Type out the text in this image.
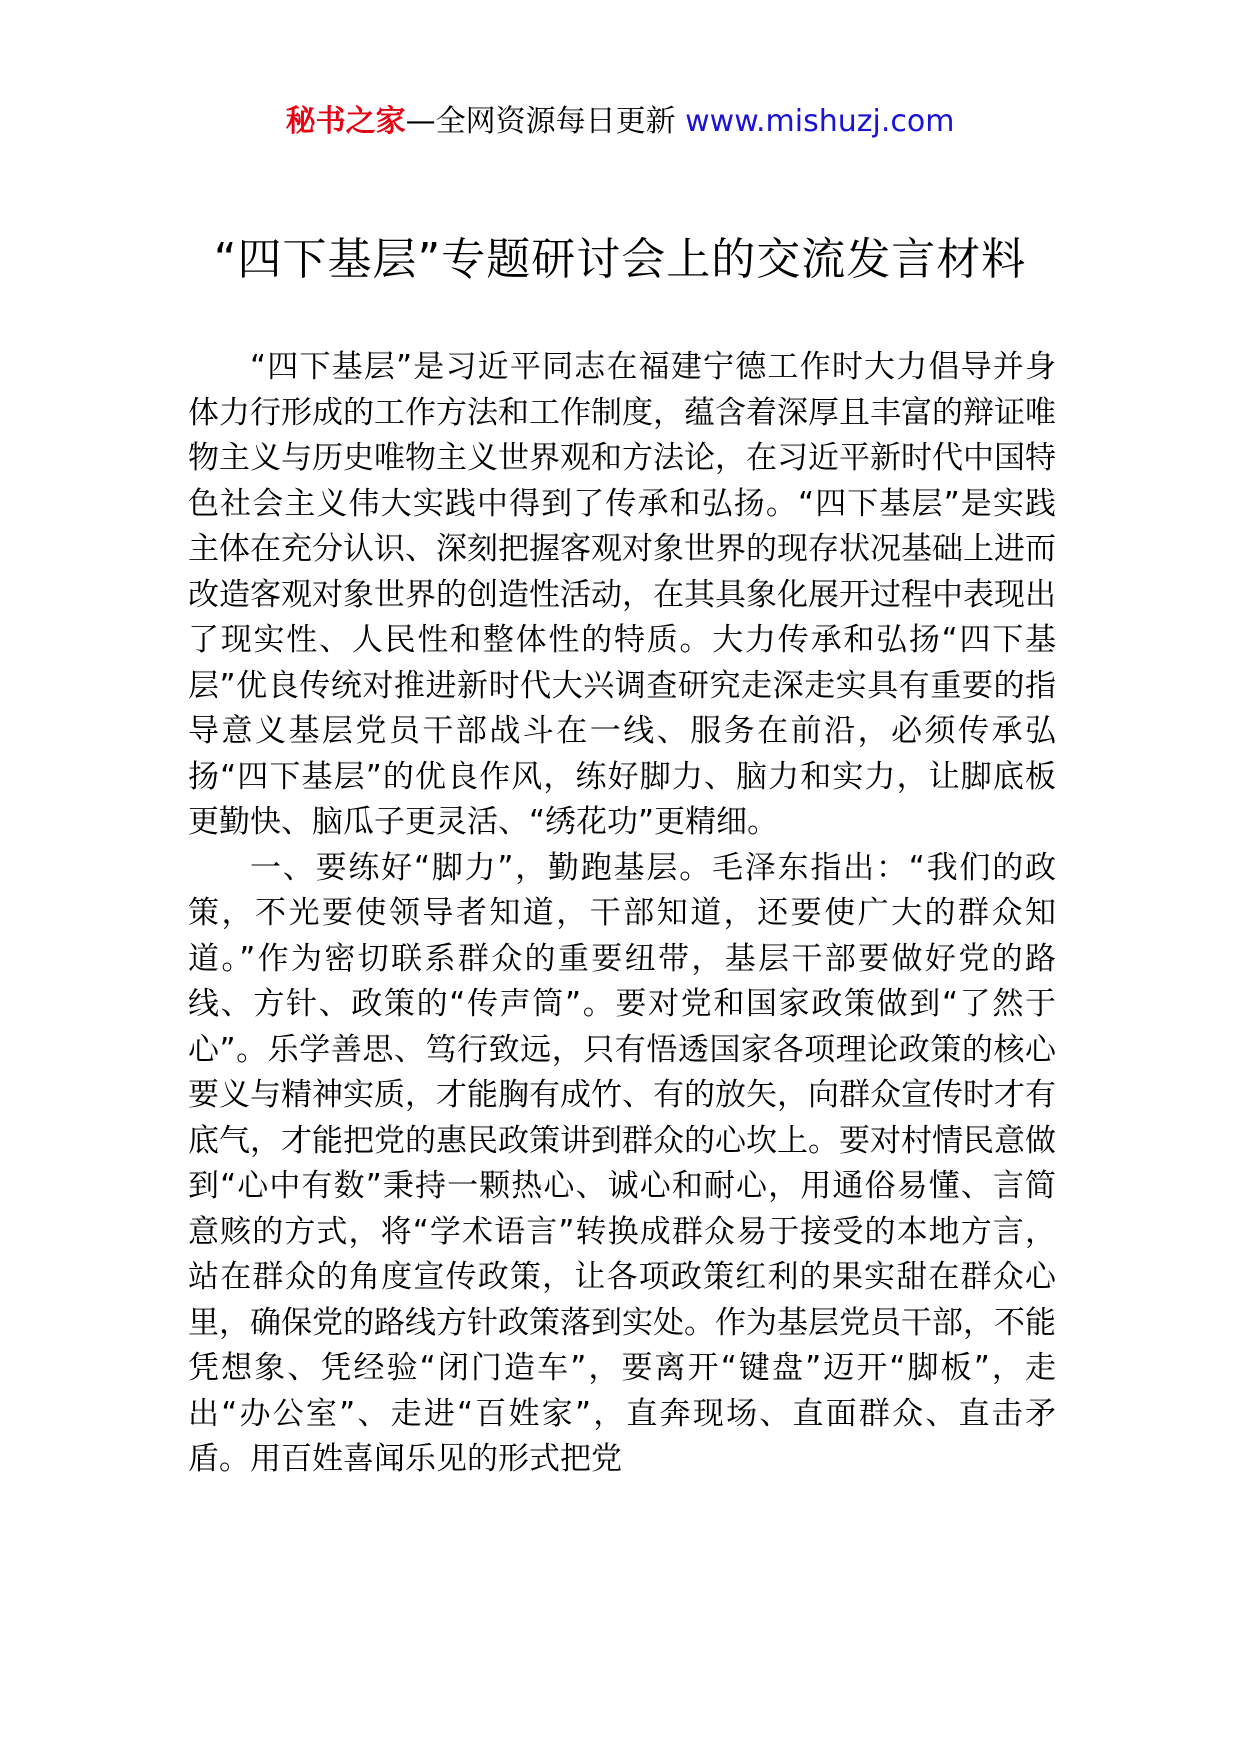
秘书之家—全网资源每日更新 www.mishuzj.com
“四下基层”专题研讨会上的交流发言材料

“四下基层”是习近平同志在福建宁德工作时大力倡导并身体力行形成的工作方法和工作制度，蕴含着深厚且丰富的辩证唯物主义与历史唯物主义世界观和方法论，在习近平新时代中国特色社会主义伟大实践中得到了传承和弘扬。“四下基层”是实践主体在充分认识、深刻把握客观对象世界的现存状况基础上进而改造客观对象世界的创造性活动，在其具象化展开过程中表现出了现实性、人民性和整体性的特质。大力传承和弘扬“四下基层”优良传统对推进新时代大兴调查研究走深走实具有重要的指导意义基层党员干部战斗在一线、服务在前沿，必须传承弘扬“四下基层”的优良作风，练好脚力、脑力和实力，让脚底板更勤快、脑瓜子更灵活、“绣花功”更精细。

一、要练好“脚力”，勤跑基层。毛泽东指出：“我们的政策，不光要使领导者知道，干部知道，还要使广大的群众知道。”作为密切联系群众的重要纽带，基层干部要做好党的路线、方针、政策的“传声筒”。要对党和国家政策做到“了然于心”。乐学善思、笃行致远，只有悟透国家各项理论政策的核心要义与精神实质，才能胸有成竹、有的放矢，向群众宣传时才有底气，才能把党的惠民政策讲到群众的心坎上。要对村情民意做到“心中有数”秉持一颗热心、诚心和耐心，用通俗易懂、言简意赅的方式，将“学术语言”转换成群众易于接受的本地方言，站在群众的角度宣传政策，让各项政策红利的果实甜在群众心里，确保党的路线方针政策落到实处。作为基层党员干部，不能凭想象、凭经验“闭门造车”，要离开“键盘”迈开“脚板”，走出“办公室”、走进“百姓家”，直奔现场、直面群众、直击矛盾。用百姓喜闻乐见的形式把党
